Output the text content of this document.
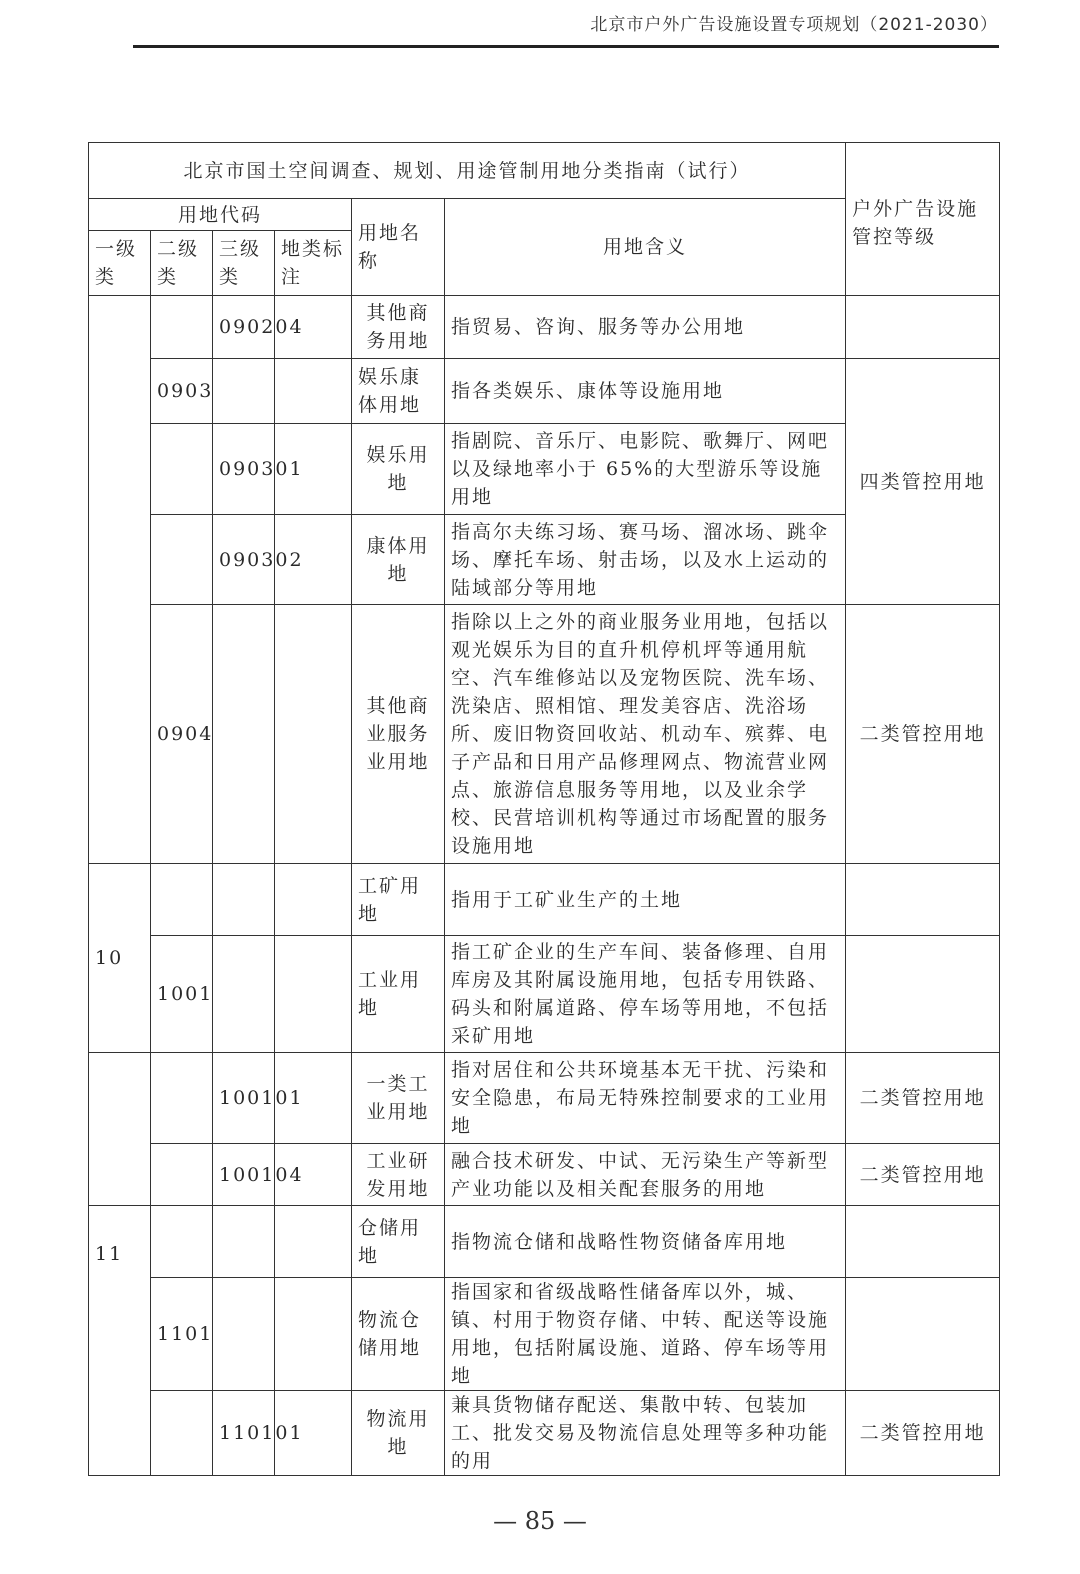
北京市户外广告设施设置专项规划（2021-2030）
北京市国土空间调查、规划、用途管制用地分类指南（试行）						户外广告设施管控等级
用地代码				用地名称	用地含义	
一级类	二级类	三级类	地类标注			
		090204		其他商务用地	指贸易、咨询、服务等办公用地	
	0903			娱乐康体用地	指各类娱乐、康体等设施用地	四类管控用地
		090301		娱乐用地	指剧院、音乐厅、电影院、歌舞厅、网吧以及绿地率小于 65%的大型游乐等设施用地	
		090302		康体用地	指高尔夫练习场、赛马场、溜冰场、跳伞场、摩托车场、射击场，以及水上运动的陆域部分等用地	
	0904			其他商业服务业用地	指除以上之外的商业服务业用地，包括以观光娱乐为目的直升机停机坪等通用航空、汽车维修站以及宠物医院、洗车场、洗染店、照相馆、理发美容店、洗浴场所、废旧物资回收站、机动车、殡葬、电子产品和日用产品修理网点、物流营业网点、旅游信息服务等用地，以及业余学校、民营培训机构等通过市场配置的服务设施用地	二类管控用地
10				工矿用地	指用于工矿业生产的土地	
	1001			工业用地	指工矿企业的生产车间、装备修理、自用库房及其附属设施用地，包括专用铁路、码头和附属道路、停车场等用地，不包括采矿用地	
		100101		一类工业用地	指对居住和公共环境基本无干扰、污染和安全隐患，布局无特殊控制要求的工业用地	二类管控用地
		100104		工业研发用地	融合技术研发、中试、无污染生产等新型产业功能以及相关配套服务的用地	二类管控用地
11				仓储用地	指物流仓储和战略性物资储备库用地	
	1101			物流仓储用地	指国家和省级战略性储备库以外，城、镇、村用于物资存储、中转、配送等设施用地，包括附属设施、道路、停车场等用地	
		110101		物流用地	兼具货物储存配送、集散中转、包装加工、批发交易及物流信息处理等多种功能的用	二类管控用地
— 85 —
